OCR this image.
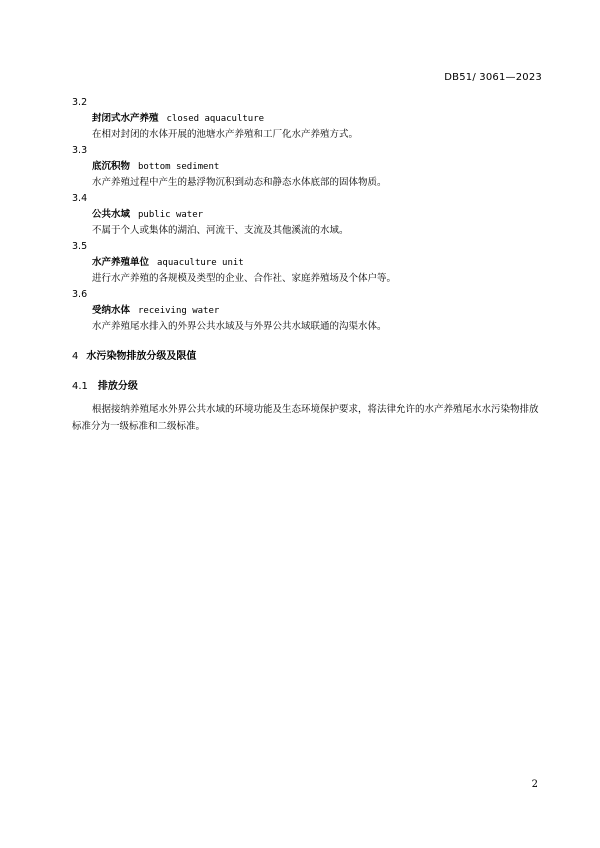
DB51/ 3061—2023
3.2
封闭式水产养殖 closed aquaculture
在相对封闭的水体开展的池塘水产养殖和工厂化水产养殖方式。
3.3
底沉积物 bottom sediment
水产养殖过程中产生的悬浮物沉积到动态和静态水体底部的固体物质。
3.4
公共水域 public water
不属于个人或集体的湖泊、河流干、支流及其他溪流的水域。
3.5
水产养殖单位 aquaculture unit
进行水产养殖的各规模及类型的企业、合作社、家庭养殖场及个体户等。
3.6
受纳水体 receiving water
水产养殖尾水排入的外界公共水域及与外界公共水域联通的沟渠水体。
4 水污染物排放分级及限值
4.1 排放分级
根据接纳养殖尾水外界公共水域的环境功能及生态环境保护要求，将法律允许的水产养殖尾水水污染物排放标准分为一级标准和二级标准。
2
